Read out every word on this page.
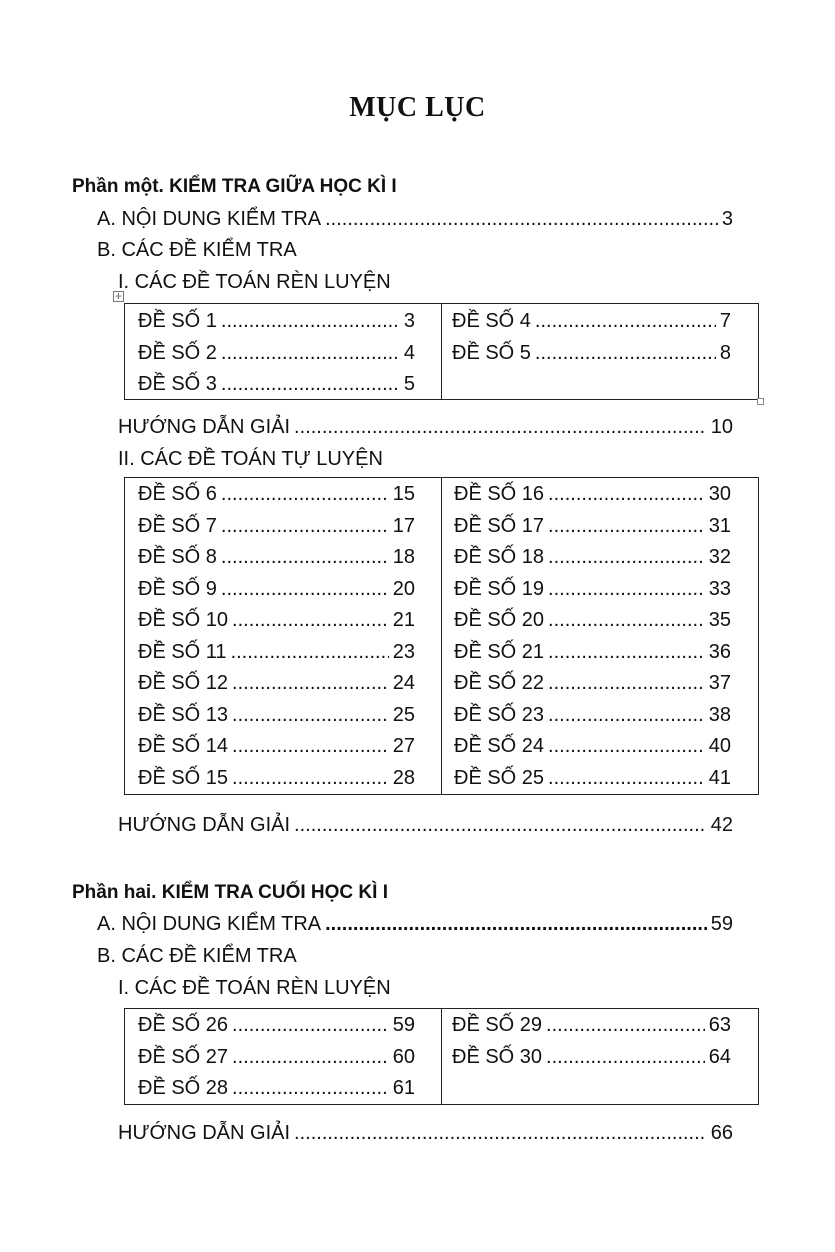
MỤC LỤC
Phần một. KIỂM TRA GIỮA HỌC KÌ I
A. NỘI DUNG KIỂM TRA .....	3
B. CÁC ĐỀ KIỂM TRA
I. CÁC ĐỀ TOÁN RÈN LUYỆN
✛
ĐỀ SỐ 1 .....	3
ĐỀ SỐ 2 .....	4
ĐỀ SỐ 3 .....	5
ĐỀ SỐ 4 .....	7
ĐỀ SỐ 5 .....	8
HƯỚNG DẪN GIẢI .....	10
II. CÁC ĐỀ TOÁN TỰ LUYỆN
ĐỀ SỐ 6 .....	15
ĐỀ SỐ 7 .....	17
ĐỀ SỐ 8 .....	18
ĐỀ SỐ 9 .....	20
ĐỀ SỐ 10 .....	21
ĐỀ SỐ 11 .....	23
ĐỀ SỐ 12 .....	24
ĐỀ SỐ 13 .....	25
ĐỀ SỐ 14 .....	27
ĐỀ SỐ 15 .....	28
ĐỀ SỐ 16 .....	30
ĐỀ SỐ 17 .....	31
ĐỀ SỐ 18 .....	32
ĐỀ SỐ 19 .....	33
ĐỀ SỐ 20 .....	35
ĐỀ SỐ 21 .....	36
ĐỀ SỐ 22 .....	37
ĐỀ SỐ 23 .....	38
ĐỀ SỐ 24 .....	40
ĐỀ SỐ 25 .....	41
HƯỚNG DẪN GIẢI .....	42
Phần hai. KIỂM TRA CUỐI HỌC KÌ I
A. NỘI DUNG KIỂM TRA .....	59
B. CÁC ĐỀ KIỂM TRA
I. CÁC ĐỀ TOÁN RÈN LUYỆN
ĐỀ SỐ 26 .....	59
ĐỀ SỐ 27 .....	60
ĐỀ SỐ 28 .....	61
ĐỀ SỐ 29 .....	63
ĐỀ SỐ 30 .....	64
HƯỚNG DẪN GIẢI .....	66
